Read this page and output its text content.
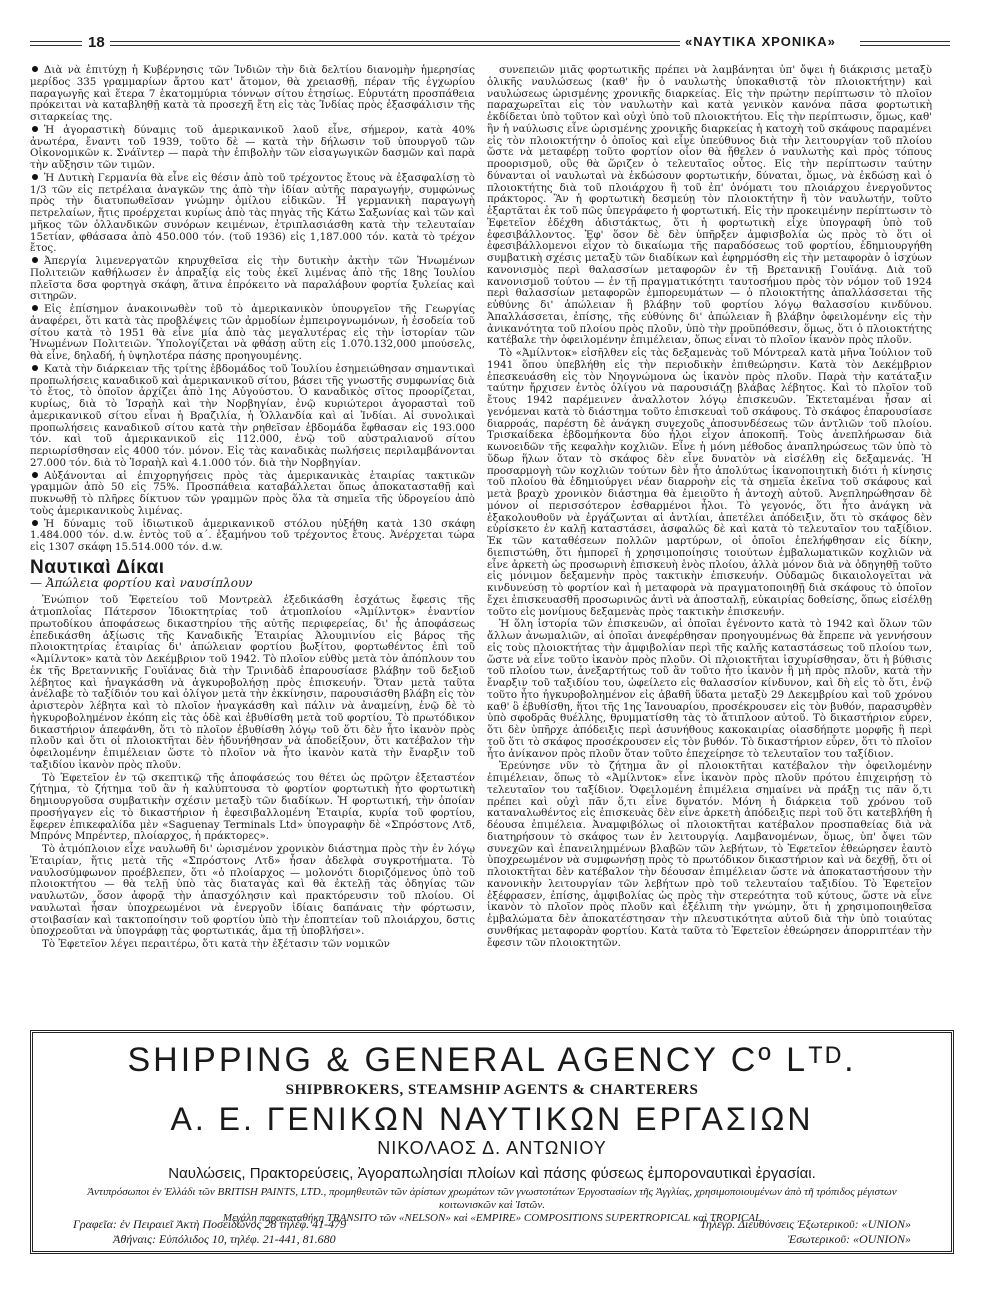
18	«ΝΑΥΤΙΚΑ ΧΡΟΝΙΚΑ»

Διὰ νὰ ἐπιτύχῃ ἡ Κυβέρνησις τῶν Ἰνδιῶν τὴν διὰ δελτίου διανομὴν ἡμερησίας μερίδος 335 γραμμαρίων ἄρτου κατ' ἄτομον, θὰ χρειασθῇ, πέραν τῆς ἐγχωρίου παραγωγῆς καὶ ἕτερα 7 ἑκατομμύρια τόννων σίτου ἐτησίως. Εὐρυτάτη προσπάθεια πρόκειται νὰ καταβληθῇ κατὰ τὰ προσεχῆ ἔτη εἰς τὰς Ἰνδίας πρὸς ἐξασφάλισιν τῆς σιταρκείας της.

Ἡ ἀγοραστικὴ δύναμις τοῦ ἀμερικανικοῦ λαοῦ εἶνε, σήμερον, κατὰ 40% ἀνωτέρα, ἔναντι τοῦ 1939, τοῦτο δὲ — κατὰ τὴν δήλωσιν τοῦ ὑπουργοῦ τῶν Οἰκονομικῶν κ. Σνάϊντερ — παρὰ τὴν ἐπιβολὴν τῶν εἰσαγωγικῶν δασμῶν καὶ παρὰ τὴν αὔξησιν τῶν τιμῶν.

Ἡ Δυτικὴ Γερμανία θὰ εἶνε εἰς θέσιν ἀπὸ τοῦ τρέχοντος ἔτους νὰ ἐξασφαλίσῃ τὸ 1/3 τῶν εἰς πετρέλαια ἀναγκῶν της ἀπὸ τὴν ἰδίαν αὐτῆς παραγωγήν, συμφώνως πρὸς τὴν διατυπωθεῖσαν γνώμην ὁμίλου εἰδικῶν. Ἡ γερμανικὴ παραγωγὴ πετρελαίων, ἥτις προέρχεται κυρίως ἀπὸ τὰς πηγὰς τῆς Κάτω Σαξωνίας καὶ τῶν καὶ μῆκος τῶν ὁλλανδικῶν συνόρων κειμένων, ἐτριπλασιάσθη κατὰ τὴν τελευταίαν 15ετίαν, φθάσασα ἀπὸ 450.000 τόν. (τοῦ 1936) εἰς 1,187.000 τόν. κατὰ τὸ τρέχον ἔτος.

Ἀπεργία λιμενεργατῶν κηρυχθεῖσα εἰς τὴν δυτικὴν ἀκτὴν τῶν Ἡνωμένων Πολιτειῶν καθήλωσεν ἐν ἀπραξίᾳ εἰς τοὺς ἐκεῖ λιμένας ἀπὸ τῆς 18ης Ἰουλίου πλεῖστα δσα φορτηγὰ σκάφη, ἅτινα ἐπρόκειτο νὰ παραλάβουν φορτία ξυλείας καὶ σιτηρῶν.

Εἰς ἐπίσημον ἀνακοινωθὲν τοῦ τὸ ἀμερικανικὸν ὑπουργεῖον τῆς Γεωργίας ἀναφέρει, ὅτι κατὰ τὰς προβλέψεις τῶν ἁρμοδίων ἐμπειρογνωμόνων, ἡ ἐσοδεία τοῦ σίτου κατὰ τὸ 1951 θὰ εἶνε μία ἀπὸ τὰς μεγαλυτέρας εἰς τὴν ἱστορίαν τῶν Ἡνωμένων Πολιτειῶν. Ὑπολογίζεται νὰ φθάσῃ αὕτη εἰς 1.070.132,000 μπούσελς, θὰ εἶνε, δηλαδή, ἡ ὑψηλοτέρα πάσης προηγουμένης.

Κατὰ τὴν διάρκειαν τῆς τρίτης ἑβδομάδος τοῦ Ἰουλίου ἐσημειώθησαν σημαντικαὶ προπωλήσεις καναδικοῦ καὶ ἀμερικανικοῦ σίτου, βάσει τῆς γνωστῆς συμφωνίας διὰ τὸ ἔτος, τὸ ὁποῖον ἀρχίζει ἀπὸ 1ης Αὐγούστου. Ὁ καναδικὸς σῖτος προορίζεται, κυρίως, διὰ τὸ Ἰσραὴλ καὶ τὴν Νορβηγίαν, ἐνῷ κυριώτεροι ἀγορασταὶ τοῦ ἀμερικανικοῦ σίτου εἶναι ἡ Βραζιλία, ἡ Ὁλλανδία καὶ αἱ Ἰνδίαι. Αἱ συνολικαὶ προπωλήσεις καναδικοῦ σίτου κατὰ τὴν ρηθεῖσαν ἑβδομάδα ἔφθασαν εἰς 193.000 τόν. καὶ τοῦ ἀμερικανικοῦ εἰς 112.000, ἐνῷ τοῦ αὐστραλιανοῦ σίτου περιωρίσθησαν εἰς 4000 τόν. μόνον. Εἰς τὰς καναδικὰς πωλήσεις περιλαμβάνονται 27.000 τόν. διὰ τὸ Ἰσραὴλ καὶ 4.1.000 τόν. διὰ τὴν Νορβηγίαν.

Αὐξάνονται αἱ ἐπιχορηγήσεις πρὸς τὰς ἀμερικανικὰς ἑταιρίας τακτικῶν γραμμῶν ἀπὸ 50 εἰς 75%. Προσπάθεια καταβάλλεται ὅπως ἀποκατασταθῇ καὶ πυκνωθῇ τὸ πλῆρες δίκτυον τῶν γραμμῶν πρὸς ὅλα τὰ σημεῖα τῆς ὑδρογείου ἀπὸ τοὺς ἀμερικανικοὺς λιμένας.

Ἡ δύναμις τοῦ ἰδιωτικοῦ ἀμερικανικοῦ στόλου ηὐξήθη κατὰ 130 σκάφη 1.484.000 τόν. d.w. ἐντὸς τοῦ α΄. ἑξαμήνου τοῦ τρέχοντος ἔτους. Ἀνέρχεται τώρα εἰς 1307 σκάφη 15.514.000 τόν. d.w.

Ναυτικαὶ Δίκαι
— Ἀπώλεια φορτίου καὶ ναυσίπλουν

Ἐνώπιον τοῦ Ἐφετείου τοῦ Μοντρεὰλ ἐξεδικάσθη ἐσχάτως ἔφεσις τῆς ἀτμοπλοΐας Πάτερσον Ἰδιοκτητρίας τοῦ ἀτμοπλοίου «Ἀμίλντοκ» ἐναντίον πρωτοδίκου ἀποφάσεως δικαστηρίου τῆς αὐτῆς περιφερείας, δι' ἧς ἀποφάσεως ἐπεδικάσθη ἀξίωσις τῆς Καναδικῆς Ἑταιρίας Ἀλουμινίου εἰς βάρος τῆς πλοιοκτητρίας ἑταιρίας δι' ἀπώλειαν φορτίου βωξίτου, φορτωθέντος ἐπὶ τοῦ «Ἀμίλντοκ» κατὰ τὸν Δεκέμβριον τοῦ 1942. Τὸ πλοῖον εὐθὺς μετὰ τὸν ἀπόπλουν του ἐκ τῆς Βρεταννικῆς Γουϊάνας διὰ τὴν Τρινιδὰδ ἐπαρουσίασε βλάβην τοῦ δεξιοῦ λέβητος καὶ ἠναγκάσθη νὰ ἀγκυροβολήσῃ πρὸς ἐπισκευήν. Ὅταν μετὰ ταῦτα ἀνέλαβε τὸ ταξίδιόν του καὶ ὀλίγον μετὰ τὴν ἐκκίνησιν, παρουσιάσθη βλάβη εἰς τὸν ἀριστερὸν λέβητα καὶ τὸ πλοῖον ἠναγκάσθη καὶ πάλιν νὰ ἀναμείνῃ, ἐνῷ δὲ τὸ ἠγκυροβολημένον ἐκόπη εἰς τὰς ὁδὲ καὶ ἐβυθίσθη μετὰ τοῦ φορτίου. Τὸ πρωτόδικον δικαστήριον ἀπεφάνθη, ὅτι τὸ πλοῖον ἐβυθίσθη λόγῳ τοῦ ὅτι δὲν ἦτο ἱκανὸν πρὸς πλοῦν καὶ ὅτι οἱ πλοιοκτῆται δὲν ἠδυνήθησαν νὰ ἀποδείξουν, ὅτι κατέβαλον τὴν ὀφειλομένην ἐπιμέλειαν ὥστε τὸ πλοῖον νὰ ἦτο ἱκανὸν κατὰ τὴν ἔναρξιν τοῦ ταξιδίου ἱκανὸν πρὸς πλοῦν.

Τὸ Ἐφετεῖον ἐν τῷ σκεπτικῷ τῆς ἀποφάσεώς του θέτει ὡς πρῶτον ἐξεταστέον ζήτημα, τὸ ζήτημα τοῦ ἂν ἡ καλύπτουσα τὸ φορτίον φορτωτικὴ ἦτο φορτωτικὴ δημιουργοῦσα συμβατικὴν σχέσιν μεταξὺ τῶν διαδίκων. Ἡ φορτωτική, τὴν ὁποίαν προσήγαγεν εἰς τὸ δικαστήριον ἡ ἐφεσιβαλλομένη Ἑταιρία, κυρία τοῦ φορτίου, ἔφερεν ἐπικεφαλίδα μὲν «Saguenay Terminals Ltd» ὑπογραφὴν δὲ «Σπρόστονς Λτδ, Μπρόνς Μπρέντερ, πλοίαρχος, ἡ πράκτορες».

Τὸ ἀτμόπλοιον εἶχε ναυλωθῆ δι' ὡρισμένον χρονικὸν διάστημα πρὸς τὴν ἐν λόγῳ Ἑταιρίαν, ἥτις μετὰ τῆς «Σπρόστονς Λτδ» ἦσαν ἀδελφὰ συγκροτήματα. Τὸ ναυλοσύμφωνον προέβλεπεν, ὅτι «ὁ πλοίαρχος — μολονότι διοριζόμενος ὑπὸ τοῦ πλοιοκτήτου — θὰ τελῇ ὑπὸ τὰς διαταγὰς καὶ θὰ ἐκτελῇ τὰς ὁδηγίας τῶν ναυλωτῶν, ὅσον ἀφορᾷ τὴν ἀπασχόλησιν καὶ πρακτόρευσιν τοῦ πλοίου. Οἱ ναυλωταὶ ἦσαν ὑποχρεωμένοι νὰ ἐνεργοῦν ἰδίαις δαπάναις τὴν φόρτωσιν, στοιβασίαν καὶ τακτοποίησιν τοῦ φορτίου ὑπὸ τὴν ἐποπτείαν τοῦ πλοιάρχου, δστις ὑποχρεοῦται νὰ ὑπογράφῃ τὰς φορτωτικάς, ἅμα τῇ ὑποβλήσει».

Τὸ Ἐφετεῖον λέγει περαιτέρω, ὅτι κατὰ τὴν ἐξέτασιν τῶν νομικῶν

συνεπειῶν μιᾶς φορτωτικῆς πρέπει νὰ λαμβάνηται ὑπ' ὄψει ἡ διάκρισις μεταξὺ ὁλικῆς ναυλώσεως (καθ' ἣν ὁ ναυλωτὴς ὑποκαθιστᾷ τὸν πλοιοκτήτην) καὶ ναυλώσεως ὡρισμένης χρονικῆς διαρκείας. Εἰς τὴν πρώτην περίπτωσιν τὸ πλοῖον παραχωρεῖται εἰς τὸν ναυλωτὴν καὶ κατὰ γενικὸν κανόνα πᾶσα φορτωτικὴ ἐκδίδεται ὑπὸ τοῦτον καὶ οὐχὶ ὑπὸ τοῦ πλοιοκτήτου. Εἰς τὴν περίπτωσιν, ὅμως, καθ' ἣν ἡ ναύλωσις εἶνε ὡρισμένης χρονικῆς διαρκείας ἡ κατοχὴ τοῦ σκάφους παραμένει εἰς τὸν πλοιοκτήτην ὁ ὁποῖος καὶ εἶνε ὑπεύθυνος διὰ τὴν λειτουργίαν τοῦ πλοίου ὥστε νὰ μεταφέρῃ τοῦτο φορτίον οἷον θὰ ἤθελεν ὁ ναυλωτὴς καὶ πρὸς τόπους προορισμοῦ, οὓς θὰ ὥριζεν ὁ τελευταῖος οὗτος. Εἰς τὴν περίπτωσιν ταύτην δύνανται οἱ ναυλωταὶ νὰ ἐκδώσουν φορτωτικήν, δύναται, ὅμως, νὰ ἐκδώσῃ καὶ ὁ πλοιοκτήτης διὰ τοῦ πλοιάρχου ἢ τοῦ ἐπ' ὀνόματι του πλοιάρχου ἐνεργοῦντος πράκτορος. Ἂν ἡ φορτωτικὴ δεσμεύῃ τὸν πλοιοκτήτην ἢ τὸν ναυλωτήν, τοῦτο ἐξαρτᾶται ἐκ τοῦ πῶς ὑπεγράφετο ἡ φορτωτική. Εἰς τὴν προκειμένην περίπτωσιν τὸ Ἐφετεῖον ἐδέχθη ἀδιστάκτως, ὅτι ἡ φορτωτικὴ εἶχε ὑπογραφῆ ὑπὸ τοῦ ἐφεσιβάλλοντος. Ἐφ' ὅσον δὲ δὲν ὑπῆρξεν ἀμφισβολία ὡς πρὸς τὸ ὅτι οἱ ἐφεσιβάλλομενοι εἶχον τὸ δικαίωμα τῆς παραδόσεως τοῦ φορτίου, ἐδημιουργήθη συμβατικὴ σχέσις μεταξὺ τῶν διαδίκων καὶ ἐφηρμόσθη εἰς τὴν μεταφορὰν ὁ ἰσχύων κανονισμὸς περὶ θαλασσίων μεταφορῶν ἐν τῇ Βρετανικῇ Γουϊάνᾳ. Διὰ τοῦ κανονισμοῦ τούτου — ἐν τῇ πραγματικότητι ταυτοσήμου πρὸς τὸν νόμον τοῦ 1924 περὶ θαλασσίων μεταφορῶν ἐμπορευμάτων — ὁ πλοιοκτήτης ἀπαλλάσσεται τῆς εὐθύνης δι' ἀπώλειαν ἢ βλάβην τοῦ φορτίου λόγῳ θαλασσίου κινδύνου. Ἀπαλλάσσεται, ἐπίσης, τῆς εὐθύνης δι' ἀπώλειαν ἢ βλάβην ὀφειλομένην εἰς τὴν ἀνικανότητα τοῦ πλοίου πρὸς πλοῦν, ὑπὸ τὴν προϋπόθεσιν, ὅμως, ὅτι ὁ πλοιοκτήτης κατέβαλε τὴν ὀφειλομένην ἐπιμέλειαν, ὅπως εἶναι τὸ πλοῖον ἱκανὸν πρὸς πλοῦν.

Τὸ «Ἀμίλντοκ» εἰσῆλθεν εἰς τὰς δεξαμενὰς τοῦ Μόντρεαλ κατὰ μῆνα Ἰούλιον τοῦ 1941 ὅπου ὑπεβλήθη εἰς τὴν περιοδικὴν ἐπιθεώρησιν. Κατὰ τὸν Δεκέμβριον ἐπεσκευάσθη εἰς τὸν Νηογνώμονα ὡς ἱκανὸν πρὸς πλοῦν. Παρὰ τὴν κατάταξιν ταύτην ἤρχισεν ἐντὸς ὀλίγου νὰ παρουσιάζῃ βλάβας λέβητος. Καὶ τὸ πλοῖον τοῦ ἔτους 1942 παρέμεινεν ἀναλλοτον λόγῳ ἐπισκευῶν. Ἐκτεταμέναι ἦσαν αἱ γενόμεναι κατὰ τὸ διάστημα τοῦτο ἐπισκευαὶ τοῦ σκάφους. Τὸ σκάφος ἐπαρουσίασε διαρροάς, παρέστη δὲ ἀνάγκη συνεχοῦς ἀποσυνδέσεως τῶν ἀντλιῶν τοῦ πλοίου. Τρισκαίδεκα ἐβδομήκοντα δύο ἦλοι εἶχον ἀποκοπῆ. Τοὺς ἀνεπλήρωσαν διὰ κωνοειδῶν τῆς κεφαλὴν κοχλιῶν. Εἶνε ἡ μόνη μέθοδος ἀναπληρώσεως τῶν ὑπὸ τὸ ὕδωρ ἥλων ὅταν τὸ σκάφος δὲν εἶνε δυνατὸν νὰ εἰσέλθῃ εἰς δεξαμενάς. Ἡ προσαρμογὴ τῶν κοχλιῶν τούτων δὲν ἦτο ἀπολύτως ἱκανοποιητικὴ διότι ἡ κίνησις τοῦ πλοίου θὰ ἐδημιούργει νέαν διαρροὴν εἰς τὰ σημεῖα ἐκεῖνα τοῦ σκάφους καὶ μετὰ βραχὺ χρονικὸν διάστημα θὰ ἐμειοῦτο ἡ ἀντοχὴ αὐτοῦ. Ἀνεπληρώθησαν δὲ μόνον οἱ περισσότερον ἐσθαρμένοι ἦλοι. Τὸ γεγονός, ὅτι ἦτο ἀνάγκη νὰ ἐξακολουθοῦν νὰ ἐργάζωνται αἱ ἀντλίαι, ἀπετέλει ἀπόδειξιν, ὅτι τὸ σκάφος δὲν εὑρίσκετο ἐν καλῇ καταστάσει, ἀσφαλῶς δὲ καὶ κατὰ τὸ τελευταῖον του ταξίδιον. Ἐκ τῶν καταθέσεων πολλῶν μαρτύρων, οἱ ὁποῖοι ἐπελήφθησαν εἰς δίκην, διεπιστώθη, ὅτι ἠμπορεῖ ἡ χρησιμοποίησις τοιούτων ἐμβαλωματικῶν κοχλιῶν νὰ εἶνε ἀρκετὴ ὡς προσωρινὴ ἐπισκευὴ ἑνὸς πλοίου, ἀλλὰ μόνον διὰ νὰ ὁδηγηθῇ τοῦτο εἰς μόνιμον δεξαμενὴν πρὸς τακτικὴν ἐπισκευήν. Οὐδαμῶς δικαιολογεῖται νὰ κινδυνεύσῃ τὸ φορτίον καὶ ἡ μεταφορὰ νὰ πραγματοποιηθῇ διὰ σκάφους τὸ ὁποῖον ἔχει ἐπισκευασθῆ προσωρινῶς ἀντὶ νὰ ἀποσταλῇ, εὐκαιρίας δοθείσης, ὅπως εἰσέλθῃ τοῦτο εἰς μονίμους δεξαμενὰς πρὸς τακτικὴν ἐπισκευήν.

Ἡ ὅλη ἱστορία τῶν ἐπισκευῶν, αἱ ὁποῖαι ἐγένοντο κατὰ τὸ 1942 καὶ ὅλων τῶν ἄλλων ἀνωμαλιῶν, αἱ ὁποῖαι ἀνεφέρθησαν προηγουμένως θὰ ἔπρεπε νὰ γεννήσουν εἰς τοὺς πλοιοκτήτας τὴν ἀμφιβολίαν περὶ τῆς καλῆς καταστάσεως τοῦ πλοίου των, ὥστε νὰ εἶνε τοῦτο ἱκανὸν πρὸς πλοῦν. Οἱ πλοιοκτῆται ἰσχυρίσθησαν, ὅτι ἡ βύθισις τοῦ πλοίου των, ἀνεξαρτήτως τοῦ ἂν τοῦτο ἦτο ἱκανὸν ἢ μὴ πρὸς πλοῦν, κατὰ τὴν ἔναρξιν τοῦ ταξιδίου του, ὠφείλετο εἰς θαλασσίον κίνδυνον, καὶ δὴ εἰς τὸ ὅτι, ἐνῷ τοῦτο ἦτο ἠγκυροβολημένον εἰς ἀβαθῆ ὕδατα μεταξὺ 29 Δεκεμβρίου καὶ τοῦ χρόνου καθ' ὃ ἐβυθίσθη, ἥτοι τῆς 1ης Ἰανουαρίου, προσέκρουσεν εἰς τὸν βυθόν, παρασυρθὲν ὑπὸ σφοδρᾶς θυέλλης, θρυμματίσθη τὰς τὸ ἄτιπλοον αὐτοῦ. Τὸ δικαστήριον εὗρεν, ὅτι δὲν ὑπῆρχε ἀπόδειξις περὶ ἀσυνήθους κακοκαιρίας οἱασδήποτε μορφῆς ἢ περὶ τοῦ ὅτι τὸ σκάφος προσέκρουσεν εἰς τὸν βυθόν. Τὸ δικαστήριον εὗρεν, ὅτι τὸ πλοῖον ἦτο ἀνίκανον πρὸς πλοῦν ὅταν τοῦτο ἐπεχείρησε τὸ τελευταῖον του ταξίδιον.

Ἐρεύνησε νῦν τὸ ζήτημα ἂν οἱ πλοιοκτῆται κατέβαλον τὴν ὀφειλομένην ἐπιμέλειαν, ὅπως τὸ «Ἀμίλντοκ» εἶνε ἱκανὸν πρὸς πλοῦν πρότου ἐπιχειρήσῃ τὸ τελευταῖον του ταξίδιον. Ὀφειλομένη ἐπιμέλεια σημαίνει νὰ πράξῃ τις πᾶν ὅ,τι πρέπει καὶ οὐχὶ πᾶν ὅ,τι εἶνε δυνατόν. Μόνη ἡ διάρκεια τοῦ χρόνου τοῦ καταναλωθέντος εἰς ἐπισκευὰς δὲν εἶνε ἀρκετὴ ἀπόδειξις περὶ τοῦ ὅτι κατεβλήθη ἡ δέουσα ἐπιμέλεια. Ἀναμφιβόλως οἱ πλοιοκτῆται κατέβαλον προσπαθείας διὰ νὰ διατηρήσουν τὸ σκάφος των ἐν λειτουργίᾳ. Λαμβανομένων, ὅμως, ὑπ' ὄψει τῶν συνεχῶν καὶ ἐπανειλημμένων βλαβῶν τῶν λεβήτων, τὸ Ἐφετεῖον ἐθεώρησεν ἑαυτὸ ὑποχρεωμένον νὰ συμφωνήσῃ πρὸς τὸ πρωτόδικον δικαστήριον καὶ νὰ δεχθῇ, ὅτι οἱ πλοιοκτῆται δὲν κατέβαλον τὴν δέουσαν ἐπιμέλειαν ὥστε νὰ ἀποκαταστήσουν τὴν κανονικὴν λειτουργίαν τῶν λεβήτων πρὸ τοῦ τελευταίου ταξιδίου. Τὸ Ἐφετεῖον ἐξέφρασεν, ἐπίσης, ἀμφιβολίας ὡς πρὸς τὴν στερεότητα τοῦ κύτους, ὥστε νὰ εἶνε ἱκανὸν τὸ πλοῖον πρὸς πλοῦν καὶ ἐξέλιπη τὴν γνώμην, ὅτι ἡ χρησιμοποιηθεῖσα ἐμβαλώματα δὲν ἀποκατέστησαν τὴν πλευστικότητα αὐτοῦ διὰ τὴν ὑπὸ τοιαύτας συνθήκας μεταφορὰν φορτίου. Κατὰ ταῦτα τὸ Ἐφετεῖον ἐθεώρησεν ἀπορριπτέαν τὴν ἔφεσιν τῶν πλοιοκτητῶν.

SHIPPING & GENERAL AGENCY Cº Lᵀᴰ.
SHIPBROKERS, STEAMSHIP AGENTS & CHARTERERS
Α. Ε. ΓΕΝΙΚΩΝ ΝΑΥΤΙΚΩΝ ΕΡΓΑΣΙΩΝ
ΝΙΚΟΛΑΟΣ Δ. ΑΝΤΩΝΙΟΥ
Ναυλώσεις, Πρακτορεύσεις, Ἀγοραπωλησίαι πλοίων καὶ πάσης φύσεως ἐμποροναυτικαὶ ἐργασίαι.
Ἀντιπρόσωποι ἐν Ἑλλάδι τῶν BRITISH PAINTS, LTD., προμηθευτῶν τῶν ἀρίστων χρωμάτων τῶν γνωστοτάτων Ἐργοστασίων τῆς Ἀγγλίας, χρησιμοποιουμένων ἀπὸ τῆ τρόπιδος μέγιστων κοιτωνισκῶν καὶ Ἰστῶν.
Μεγάλη παρακαταθήκη TRANSITO τῶν «NELSON» καὶ «EMPIRE» COMPOSITIONS SUPERTROPICAL καὶ TROPICAL
Γραφεῖα: ἐν Πειραιεῖ Ἀκτὴ Ποσειδῶνος 28 τηλέφ. 41-479
Ἀθήναις: Εὐπόλιδος 10, τηλέφ. 21-441, 81.680
Τηλεγρ. Διευθύνσεις Ἐξωτερικοῦ: «UNION»
Ἐσωτερικοῦ: «ΟUNION»
